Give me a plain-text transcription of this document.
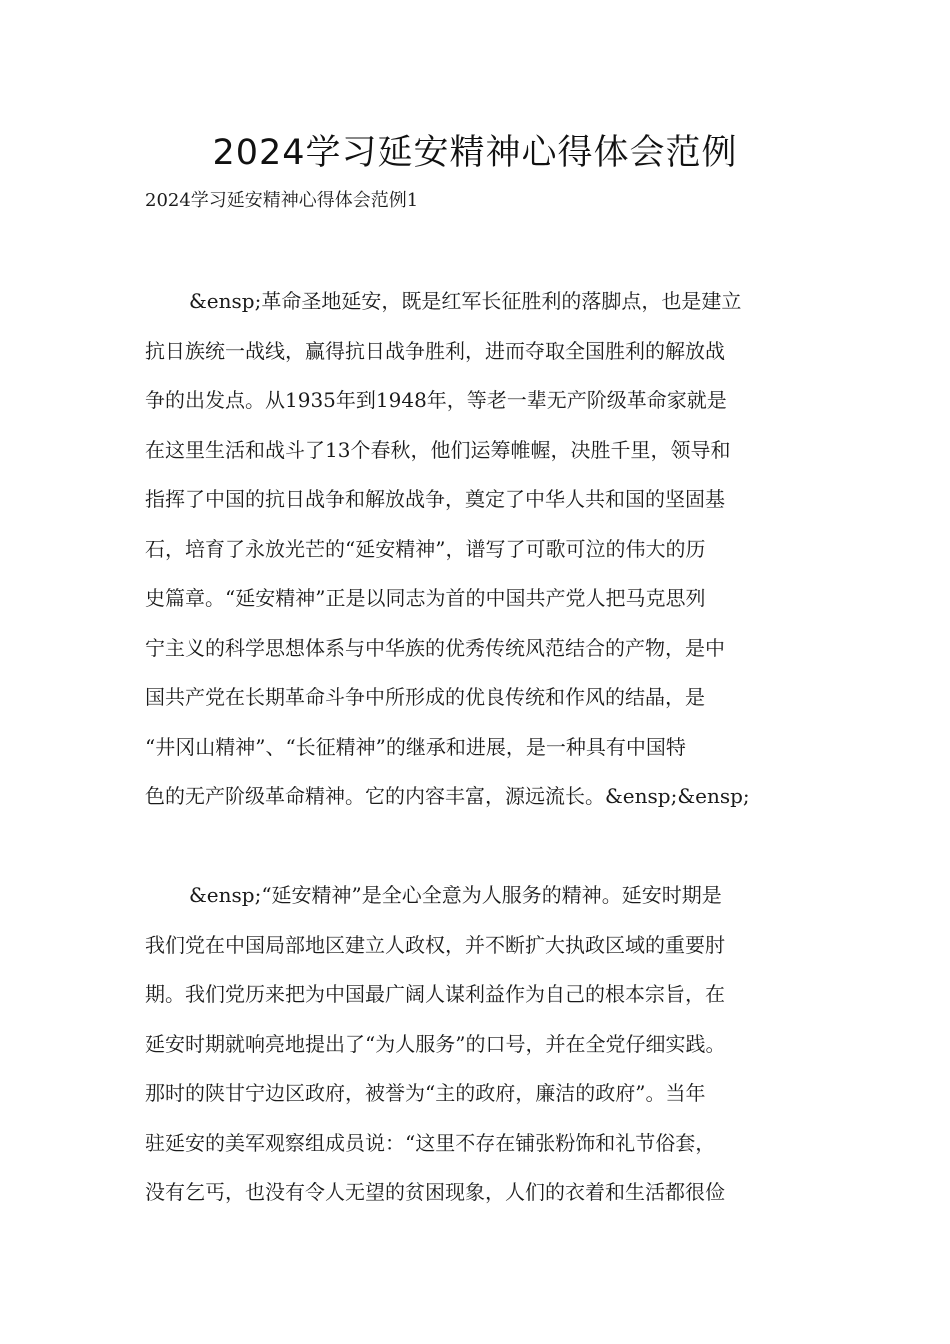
2024学习延安精神心得体会范例

2024学习延安精神心得体会范例1

&ensp;革命圣地延安，既是红军长征胜利的落脚点，也是建立
抗日族统一战线，赢得抗日战争胜利，进而夺取全国胜利的解放战
争的出发点。从1935年到1948年，等老一辈无产阶级革命家就是
在这里生活和战斗了13个春秋，他们运筹帷幄，决胜千里，领导和
指挥了中国的抗日战争和解放战争，奠定了中华人共和国的坚固基
石，培育了永放光芒的“延安精神”，谱写了可歌可泣的伟大的历
史篇章。“延安精神”正是以同志为首的中国共产党人把马克思列
宁主义的科学思想体系与中华族的优秀传统风范结合的产物，是中
国共产党在长期革命斗争中所形成的优良传统和作风的结晶，是
“井冈山精神”、“长征精神”的继承和进展，是一种具有中国特
色的无产阶级革命精神。它的内容丰富，源远流长。&ensp;&ensp;
&ensp;“延安精神”是全心全意为人服务的精神。延安时期是
我们党在中国局部地区建立人政权，并不断扩大执政区域的重要肘
期。我们党历来把为中国最广阔人谋利益作为自己的根本宗旨，在
延安时期就响亮地提出了“为人服务”的口号，并在全党仔细实践。
那时的陕甘宁边区政府，被誉为“主的政府，廉洁的政府”。当年
驻延安的美军观察组成员说：“这里不存在铺张粉饰和礼节俗套，
没有乞丐，也没有令人无望的贫困现象，人们的衣着和生活都很俭
